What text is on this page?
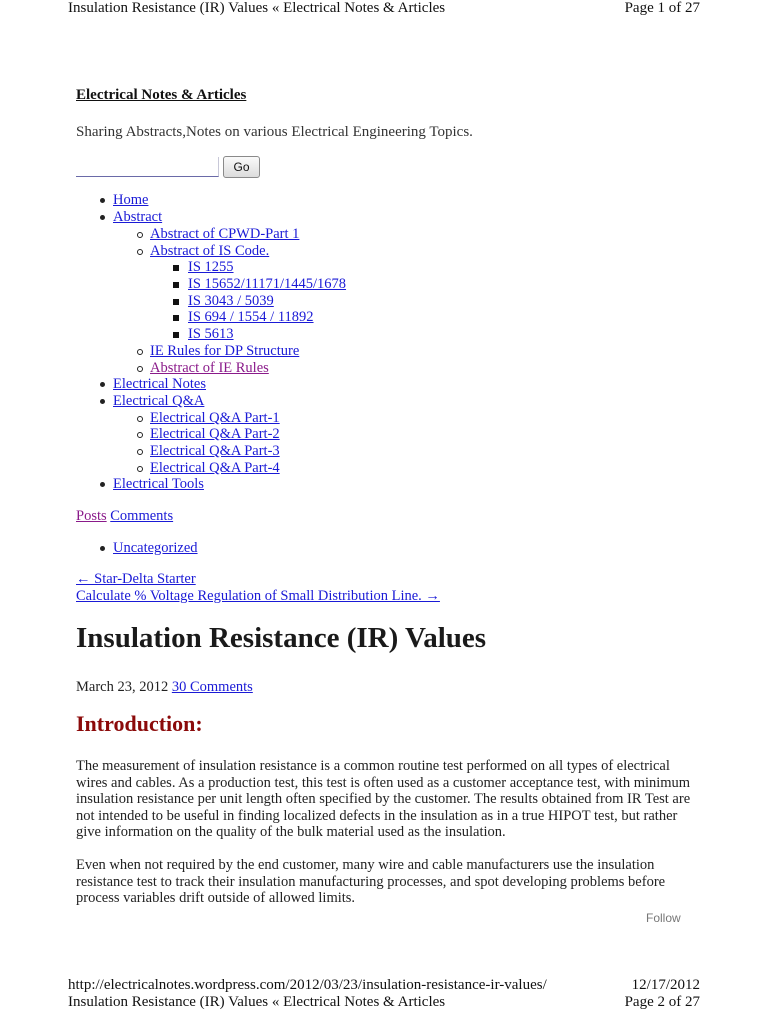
Insulation Resistance (IR) Values « Electrical Notes & Articles	Page 1 of 27
Electrical Notes & Articles
Sharing Abstracts,Notes on various Electrical Engineering Topics.
Go
Home
Abstract
Abstract of CPWD-Part 1
Abstract of IS Code.
IS 1255
IS 15652/11171/1445/1678
IS 3043 / 5039
IS 694 / 1554 / 11892
IS 5613
IE Rules for DP Structure
Abstract of IE Rules
Electrical Notes
Electrical Q&A
Electrical Q&A Part-1
Electrical Q&A Part-2
Electrical Q&A Part-3
Electrical Q&A Part-4
Electrical Tools
Posts Comments
Uncategorized
← Star-Delta Starter
Calculate % Voltage Regulation of Small Distribution Line. →
Insulation Resistance (IR) Values
March 23, 2012 30 Comments
Introduction:
The measurement of insulation resistance is a common routine test performed on all types of electrical wires and cables. As a production test, this test is often used as a customer acceptance test, with minimum insulation resistance per unit length often specified by the customer. The results obtained from IR Test are not intended to be useful in finding localized defects in the insulation as in a true HIPOT test, but rather give information on the quality of the bulk material used as the insulation.
Even when not required by the end customer, many wire and cable manufacturers use the insulation resistance test to track their insulation manufacturing processes, and spot developing problems before process variables drift outside of allowed limits.
Follow
http://electricalnotes.wordpress.com/2012/03/23/insulation-resistance-ir-values/	12/17/2012
Insulation Resistance (IR) Values « Electrical Notes & Articles	Page 2 of 27
